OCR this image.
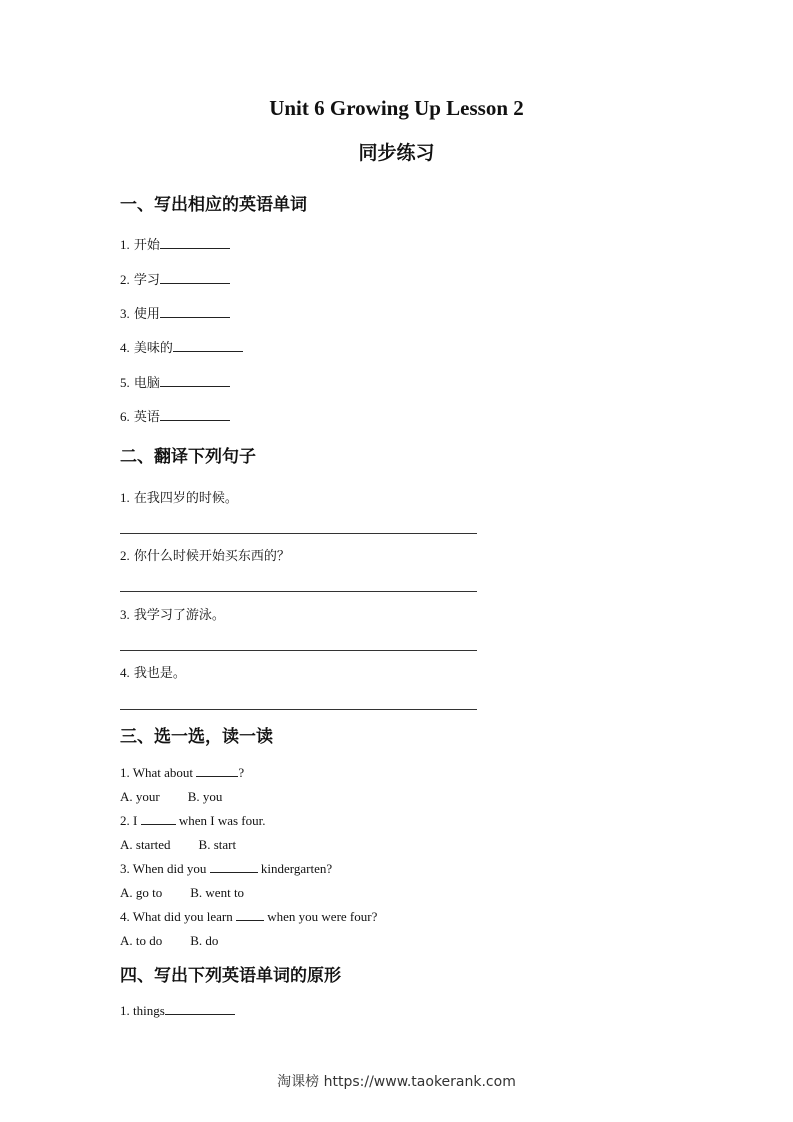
Unit 6 Growing Up Lesson 2
同步练习
一、写出相应的英语单词
1. 开始
2. 学习
3. 使用
4. 美味的
5. 电脑
6. 英语
二、翻译下列句子
1. 在我四岁的时候。
2. 你什么时候开始买东西的？
3. 我学习了游泳。
4. 我也是。
三、选一选，读一读
1. What about	?
A. your B. you
2. I	when I was four.
A. started B. start
3. When did you	kindergarten?
A. go to B. went to
4. What did you learn  when you were four?
A. to do B. do
四、写出下列英语单词的原形
1. things
淘课榜 https://www.taokerank.com
